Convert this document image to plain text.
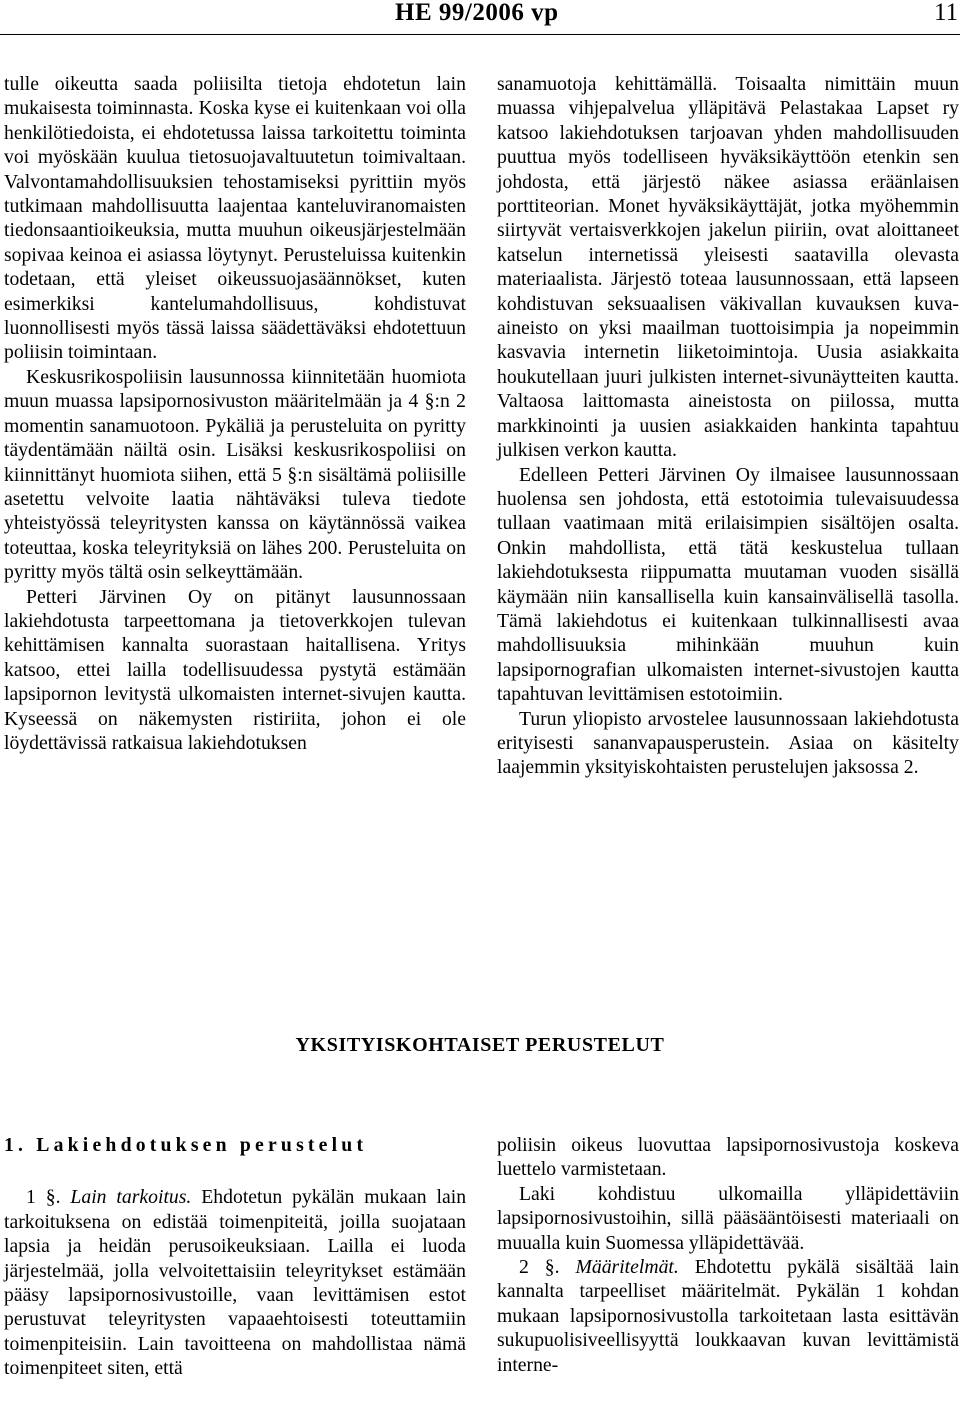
HE 99/2006 vp	11

tulle oikeutta saada poliisilta tietoja ehdotetun lain mukaisesta toiminnasta. Koska kyse ei kuitenkaan voi olla henkilötiedoista, ei ehdotetussa laissa tarkoitettu toiminta voi myöskään kuulua tietosuojavaltuutetun toimivaltaan. Valvontamahdollisuuksien tehostamiseksi pyrittiin myös tutkimaan mahdollisuutta laajentaa kanteluviranomaisten tiedonsaantioikeuksia, mutta muuhun oikeusjärjestelmään sopivaa keinoa ei asiassa löytynyt. Perusteluissa kuitenkin todetaan, että yleiset oikeussuojasäännökset, kuten esimerkiksi kantelumahdollisuus, kohdistuvat luonnollisesti myös tässä laissa säädettäväksi ehdotettuun poliisin toimintaan.

Keskusrikospoliisin lausunnossa kiinnitetään huomiota muun muassa lapsipornosivuston määritelmään ja 4 §:n 2 momentin sanamuotoon. Pykäliä ja perusteluita on pyritty täydentämään näiltä osin. Lisäksi keskusrikospoliisi on kiinnittänyt huomiota siihen, että 5 §:n sisältämä poliisille asetettu velvoite laatia nähtäväksi tuleva tiedote yhteistyössä teleyritysten kanssa on käytännössä vaikea toteuttaa, koska teleyrityksiä on lähes 200. Perusteluita on pyritty myös tältä osin selkeyttämään.

Petteri Järvinen Oy on pitänyt lausunnossaan lakiehdotusta tarpeettomana ja tietoverkkojen tulevan kehittämisen kannalta suorastaan haitallisena. Yritys katsoo, ettei lailla todellisuudessa pystytä estämään lapsipornon levitystä ulkomaisten internet-sivujen kautta. Kyseessä on näkemysten ristiriita, johon ei ole löydettävissä ratkaisua lakiehdotuksen

sanamuotoja kehittämällä. Toisaalta nimittäin muun muassa vihjepalvelua ylläpitävä Pelastakaa Lapset ry katsoo lakiehdotuksen tarjoavan yhden mahdollisuuden puuttua myös todelliseen hyväksikäyttöön etenkin sen johdosta, että järjestö näkee asiassa eräänlaisen porttiteorian. Monet hyväksikäyttäjät, jotka myöhemmin siirtyvät vertaisverkkojen jakelun piiriin, ovat aloittaneet katselun internetissä yleisesti saatavilla olevasta materiaalista. Järjestö toteaa lausunnossaan, että lapseen kohdistuvan seksuaalisen väkivallan kuvauksen kuva-aineisto on yksi maailman tuottoisimpia ja nopeimmin kasvavia internetin liiketoimintoja. Uusia asiakkaita houkutellaan juuri julkisten internet-sivunäytteiten kautta. Valtaosa laittomasta aineistosta on piilossa, mutta markkinointi ja uusien asiakkaiden hankinta tapahtuu julkisen verkon kautta.

Edelleen Petteri Järvinen Oy ilmaisee lausunnossaan huolensa sen johdosta, että estotoimia tulevaisuudessa tullaan vaatimaan mitä erilaisimpien sisältöjen osalta. Onkin mahdollista, että tätä keskustelua tullaan lakiehdotuksesta riippumatta muutaman vuoden sisällä käymään niin kansallisella kuin kansainvälisellä tasolla. Tämä lakiehdotus ei kuitenkaan tulkinnallisesti avaa mahdollisuuksia mihinkään muuhun kuin lapsipornografian ulkomaisten internet-sivustojen kautta tapahtuvan levittämisen estotoimiin.

Turun yliopisto arvostelee lausunnossaan lakiehdotusta erityisesti sananvapausperustein. Asiaa on käsitelty laajemmin yksityiskohtaisten perustelujen jaksossa 2.

YKSITYISKOHTAISET PERUSTELUT

1. Lakiehdotuksen perustelut

1 §. Lain tarkoitus. Ehdotetun pykälän mukaan lain tarkoituksena on edistää toimenpiteitä, joilla suojataan lapsia ja heidän perusoikeuksiaan. Lailla ei luoda järjestelmää, jolla velvoitettaisiin teleyritykset estämään pääsy lapsipornosivustoille, vaan levittämisen estot perustuvat teleyritysten vapaaehtoisesti toteuttamiin toimenpiteisiin. Lain tavoitteena on mahdollistaa nämä toimenpiteet siten, että

poliisin oikeus luovuttaa lapsipornosivustoja koskeva luettelo varmistetaan.

Laki kohdistuu ulkomailla ylläpidettäviin lapsipornosivustoihin, sillä pääsääntöisesti materiaali on muualla kuin Suomessa ylläpidettävää.

2 §. Määritelmät. Ehdotettu pykälä sisältää lain kannalta tarpeelliset määritelmät. Pykälän 1 kohdan mukaan lapsipornosivustolla tarkoitetaan lasta esittävän sukupuolisiveellisyyttä loukkaavan kuvan levittämistä interne-
